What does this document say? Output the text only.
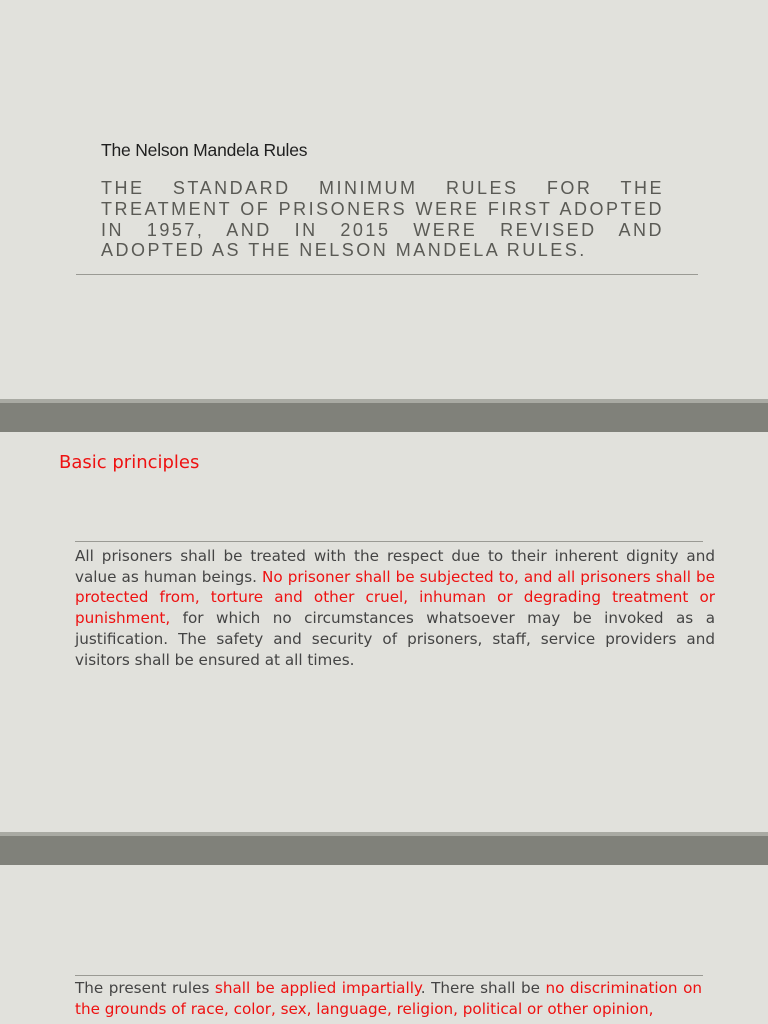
The Nelson Mandela Rules
THE STANDARD MINIMUM RULES FOR THE TREATMENT OF PRISONERS WERE FIRST ADOPTED IN 1957, AND IN 2015 WERE REVISED AND ADOPTED AS THE NELSON MANDELA RULES.
Basic principles
All prisoners shall be treated with the respect due to their inherent dignity and value as human beings. No prisoner shall be subjected to, and all prisoners shall be protected from, torture and other cruel, inhuman or degrading treatment or punishment, for which no circumstances whatsoever may be invoked as a justification. The safety and security of prisoners, staff, service providers and visitors shall be ensured at all times.
The present rules shall be applied impartially. There shall be no discrimination on the grounds of race, color, sex, language, religion, political or other opinion,
